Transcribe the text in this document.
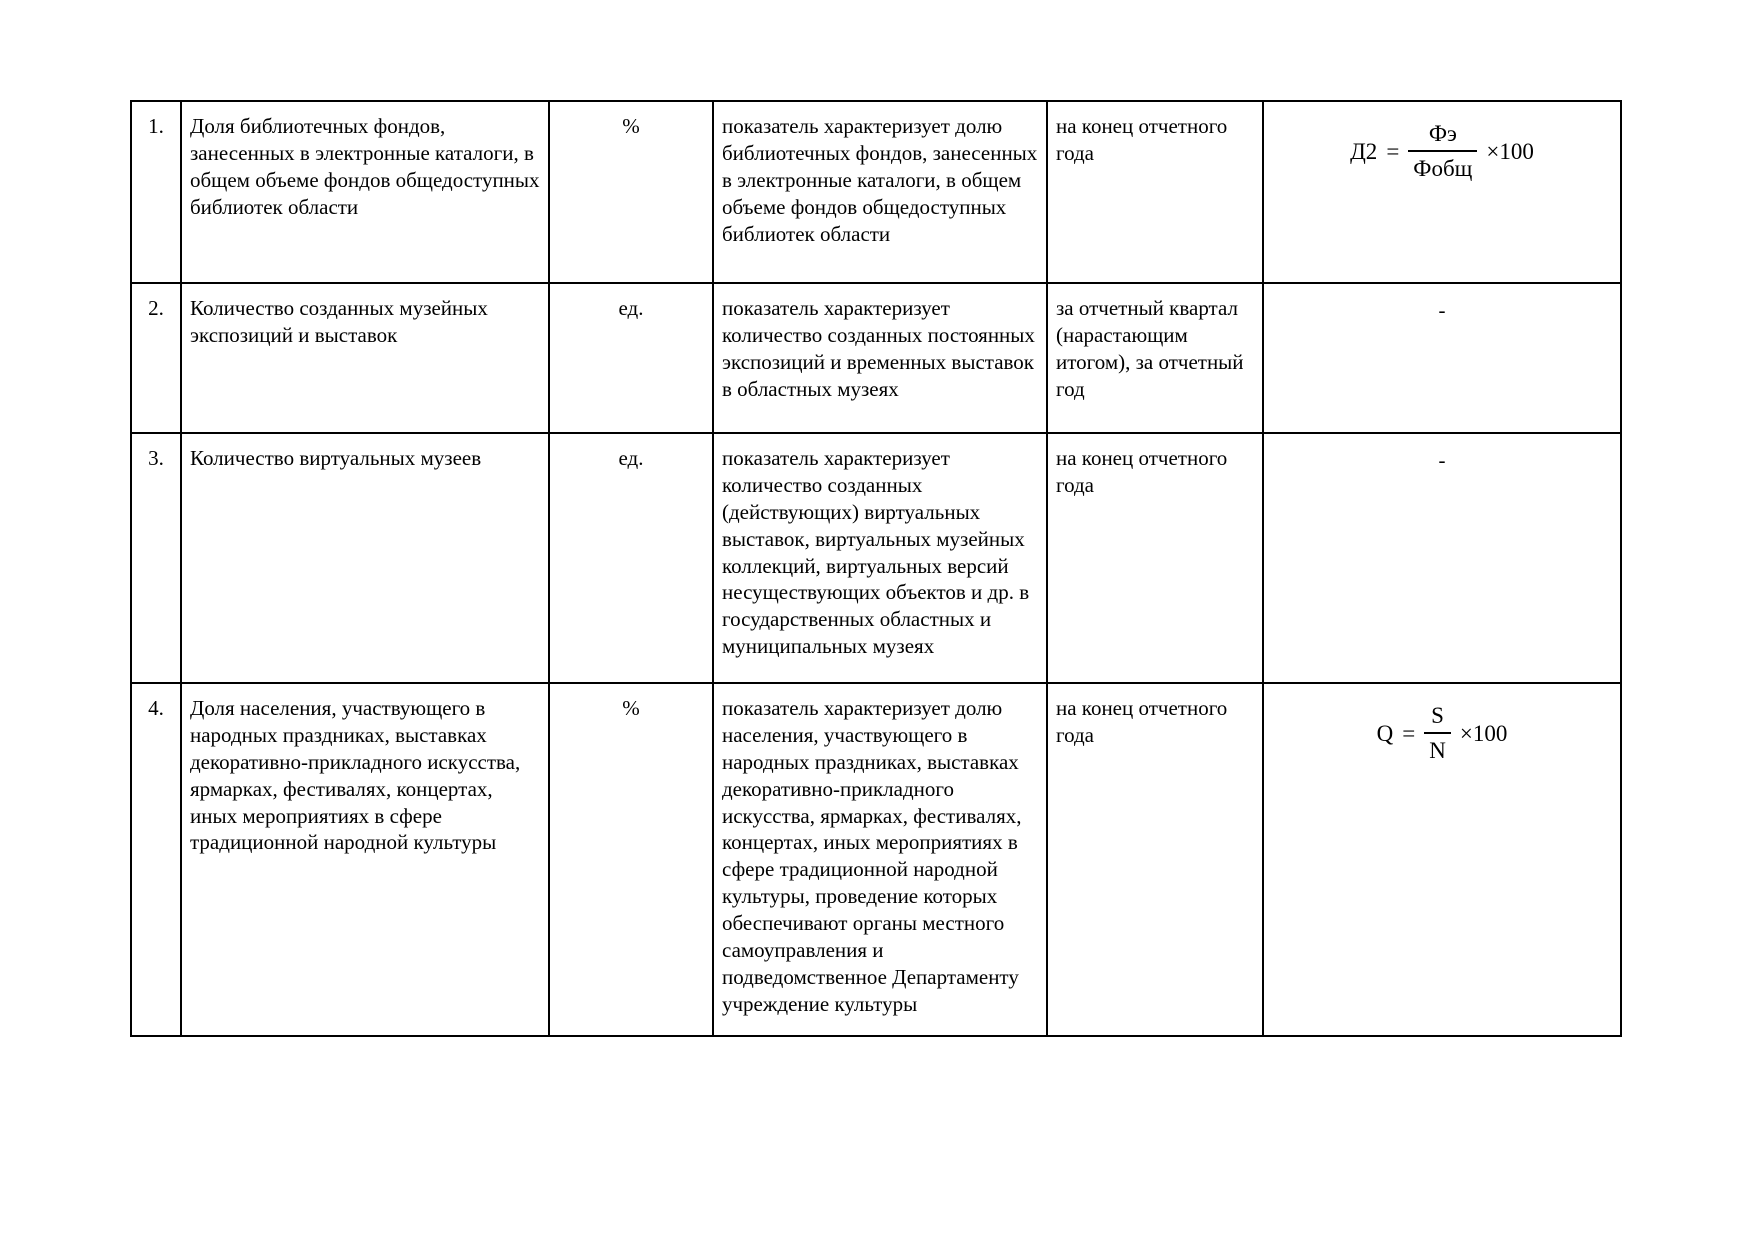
1.	Доля библиотечных фондов, занесенных в электронные каталоги, в общем объеме фондов общедоступных библиотек области	%	показатель характеризует долю библиотечных фондов, занесенных в электронные каталоги, в общем объеме фондов общедоступных библиотек области	на конец отчетного года	$Д2 = \frac{Фэ}{\text{Фобщ}} \times 100$

2.	Количество созданных музейных экспозиций и выставок	ед.	показатель характеризует количество созданных постоянных экспозиций и временных выставок в областных музеях	за отчетный квартал (нарастающим итогом), за отчетный год	-
3.	Количество виртуальных музеев	ед.	показатель характеризует количество созданных (действующих) виртуальных выставок, виртуальных музейных коллекций, виртуальных версий несуществующих объектов и др. в государственных областных и муниципальных музеях	на конец отчетного года	-
4.	Доля населения, участвующего в народных праздниках, выставках декоративно-прикладного искусства, ярмарках, фестивалях, концертах, иных мероприятиях в сфере традиционной народной культуры	%	показатель характеризует долю населения, участвующего в народных праздниках, выставках декоративно-прикладного искусства, ярмарках, фестивалях, концертах, иных мероприятиях в сфере традиционной народной культуры, проведение которых обеспечивают органы местного самоуправления и подведомственное Департаменту учреждение культуры	на конец отчетного года	$Q = \frac{S}{N} \times 100$
